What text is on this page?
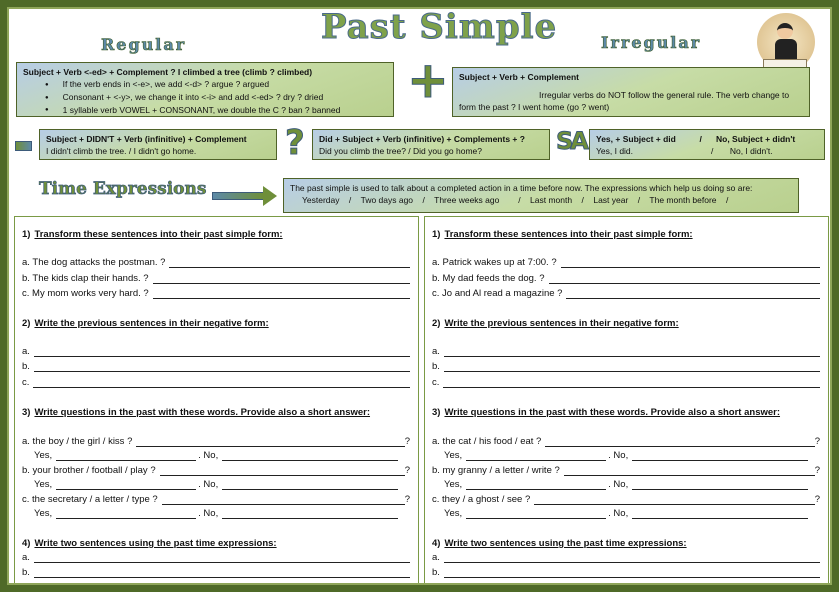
Past Simple
Regular	Irregular
Subject + Verb <-ed> + Complement ? I climbed a tree (climb ? climbed)
● If the verb ends in <-e>, we add <-d> ? argue ? argued
● Consonant + <-y>, we change it into <-i> and add <-ed> ? dry ? dried
● 1 syllable verb VOWEL + CONSONANT, we double the C ? ban ? banned
+ Subject + Verb + Complement
Irregular verbs do NOT follow the general rule. The verb change to form the past ? I went home (go ? went)
Subject + DIDN'T + Verb (infinitive) + Complement
I didn't climb the tree. / I didn't go home.	? Did + Subject + Verb (infinitive) + Complements + ?
Did you climb the tree? / Did you go home?	SA Yes, + Subject + did          /      No, Subject + didn't
Yes, I did.                                 /       No, I didn't.
Time Expressions	The past simple is used to talk about a completed action in a time before now. The expressions which help us doing so are:
Yesterday    /    Two days ago    /    Three weeks ago        /    Last month    /    Last year    /    The month before    /
1) Transform these sentences into their past simple form:
a. The dog attacks the postman. ?
b. The kids clap their hands. ?
c. My mom works very hard. ?
2) Write the previous sentences in their negative form:
a.
b.
c.
3) Write questions in the past with these words. Provide also a short answer:
a. the boy / the girl / kiss ?	?
Yes,	. No,
b. your brother / football / play ?	?
Yes,	. No,
c. the secretary / a letter / type ?	?
Yes,	. No,
4) Write two sentences using the past time expressions:
a.
b.
1) Transform these sentences into their past simple form:
a. Patrick wakes up at 7:00. ?
b. My dad feeds the dog. ?
c. Jo and Al read a magazine ?
2) Write the previous sentences in their negative form:
a.
b.
c.
3) Write questions in the past with these words. Provide also a short answer:
a. the cat / his food / eat ?	?
Yes,	. No,
b. my granny / a letter / write ?	?
Yes,	. No,
c. they / a ghost / see ?	?
Yes,	. No,
4) Write two sentences using the past time expressions:
a.
b.
